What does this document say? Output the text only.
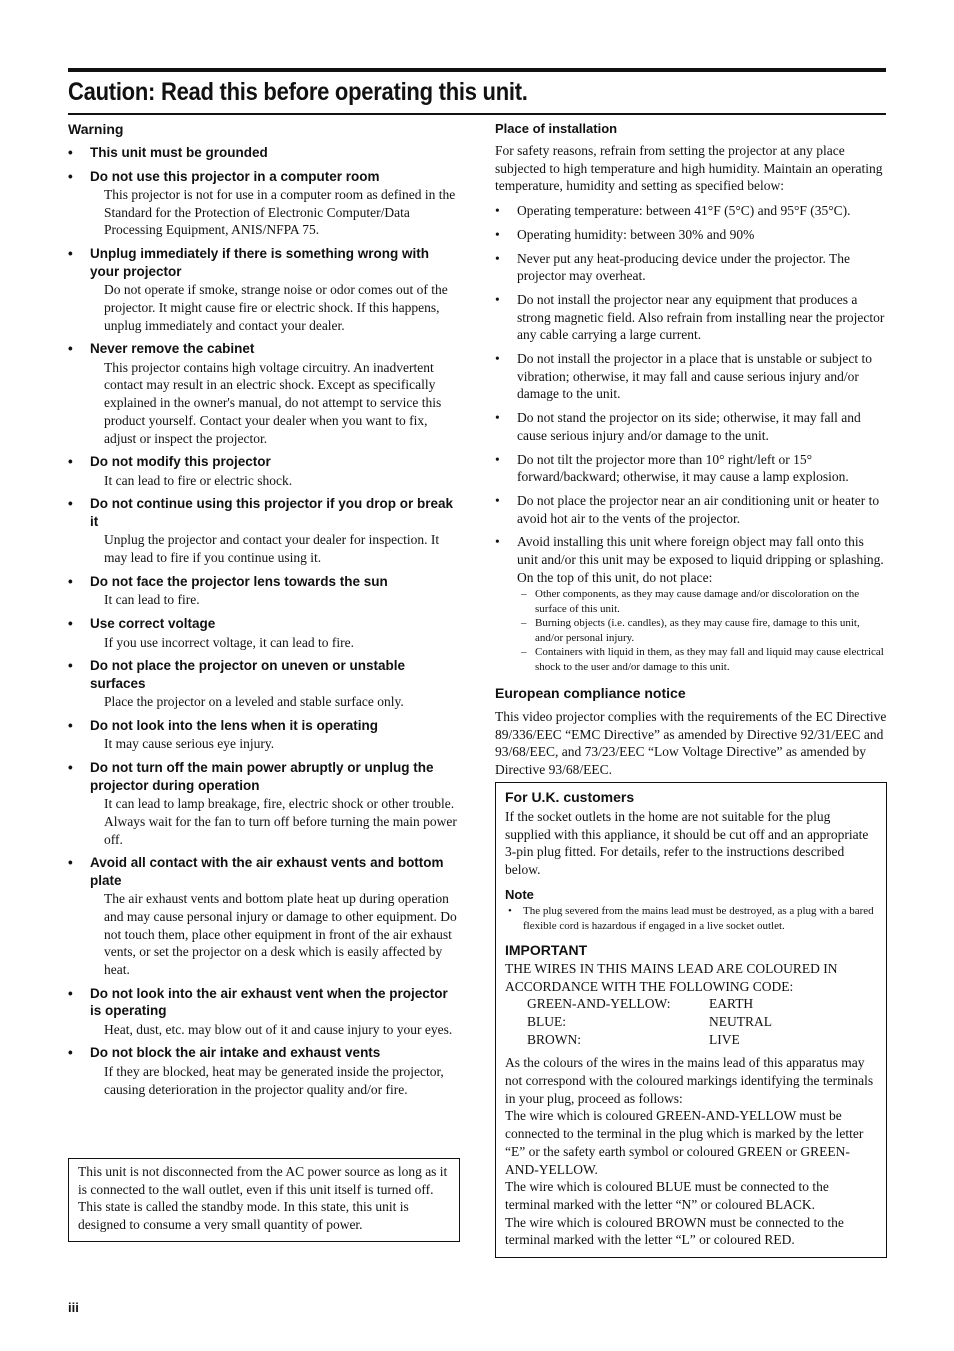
Caution: Read this before operating this unit.
Warning
• This unit must be grounded
• Do not use this projector in a computer room
This projector is not for use in a computer room as defined in the Standard for the Protection of Electronic Computer/Data Processing Equipment, ANIS/NFPA 75.
• Unplug immediately if there is something wrong with your projector
Do not operate if smoke, strange noise or odor comes out of the projector. It might cause fire or electric shock. If this happens, unplug immediately and contact your dealer.
• Never remove the cabinet
This projector contains high voltage circuitry. An inadvertent contact may result in an electric shock. Except as specifically explained in the owner's manual, do not attempt to service this product yourself. Contact your dealer when you want to fix, adjust or inspect the projector.
• Do not modify this projector
It can lead to fire or electric shock.
• Do not continue using this projector if you drop or break it
Unplug the projector and contact your dealer for inspection. It may lead to fire if you continue using it.
• Do not face the projector lens towards the sun
It can lead to fire.
• Use correct voltage
If you use incorrect voltage, it can lead to fire.
• Do not place the projector on uneven or unstable surfaces
Place the projector on a leveled and stable surface only.
• Do not look into the lens when it is operating
It may cause serious eye injury.
• Do not turn off the main power abruptly or unplug the projector during operation
It can lead to lamp breakage, fire, electric shock or other trouble. Always wait for the fan to turn off before turning the main power off.
• Avoid all contact with the air exhaust vents and bottom plate
The air exhaust vents and bottom plate heat up during operation and may cause personal injury or damage to other equipment. Do not touch them, place other equipment in front of the air exhaust vents, or set the projector on a desk which is easily affected by heat.
• Do not look into the air exhaust vent when the projector is operating
Heat, dust, etc. may blow out of it and cause injury to your eyes.
• Do not block the air intake and exhaust vents
If they are blocked, heat may be generated inside the projector, causing deterioration in the projector quality and/or fire.
This unit is not disconnected from the AC power source as long as it is connected to the wall outlet, even if this unit itself is turned off. This state is called the standby mode. In this state, this unit is designed to consume a very small quantity of power.
Place of installation
For safety reasons, refrain from setting the projector at any place subjected to high temperature and high humidity. Maintain an operating temperature, humidity and setting as specified below:
• Operating temperature: between 41°F (5°C) and 95°F (35°C).
• Operating humidity: between 30% and 90%
• Never put any heat-producing device under the projector. The projector may overheat.
• Do not install the projector near any equipment that produces a strong magnetic field. Also refrain from installing near the projector any cable carrying a large current.
• Do not install the projector in a place that is unstable or subject to vibration; otherwise, it may fall and cause serious injury and/or damage to the unit.
• Do not stand the projector on its side; otherwise, it may fall and cause serious injury and/or damage to the unit.
• Do not tilt the projector more than 10° right/left or 15° forward/backward; otherwise, it may cause a lamp explosion.
• Do not place the projector near an air conditioning unit or heater to avoid hot air to the vents of the projector.
• Avoid installing this unit where foreign object may fall onto this unit and/or this unit may be exposed to liquid dripping or splashing. On the top of this unit, do not place:
– Other components, as they may cause damage and/or discoloration on the surface of this unit.
– Burning objects (i.e. candles), as they may cause fire, damage to this unit, and/or personal injury.
– Containers with liquid in them, as they may fall and liquid may cause electrical shock to the user and/or damage to this unit.
European compliance notice
This video projector complies with the requirements of the EC Directive 89/336/EEC “EMC Directive” as amended by Directive 92/31/EEC and 93/68/EEC, and 73/23/EEC “Low Voltage Directive” as amended by Directive 93/68/EEC.
For U.K. customers
If the socket outlets in the home are not suitable for the plug supplied with this appliance, it should be cut off and an appropriate 3-pin plug fitted. For details, refer to the instructions described below.
Note
• The plug severed from the mains lead must be destroyed, as a plug with a bared flexible cord is hazardous if engaged in a live socket outlet.
IMPORTANT
THE WIRES IN THIS MAINS LEAD ARE COLOURED IN ACCORDANCE WITH THE FOLLOWING CODE:
GREEN-AND-YELLOW:	EARTH
BLUE:	NEUTRAL
BROWN:	LIVE
As the colours of the wires in the mains lead of this apparatus may not correspond with the coloured markings identifying the terminals in your plug, proceed as follows:
The wire which is coloured GREEN-AND-YELLOW must be connected to the terminal in the plug which is marked by the letter “E” or the safety earth symbol or coloured GREEN or GREEN-AND-YELLOW.
The wire which is coloured BLUE must be connected to the terminal marked with the letter “N” or coloured BLACK.
The wire which is coloured BROWN must be connected to the terminal marked with the letter “L” or coloured RED.
iii
